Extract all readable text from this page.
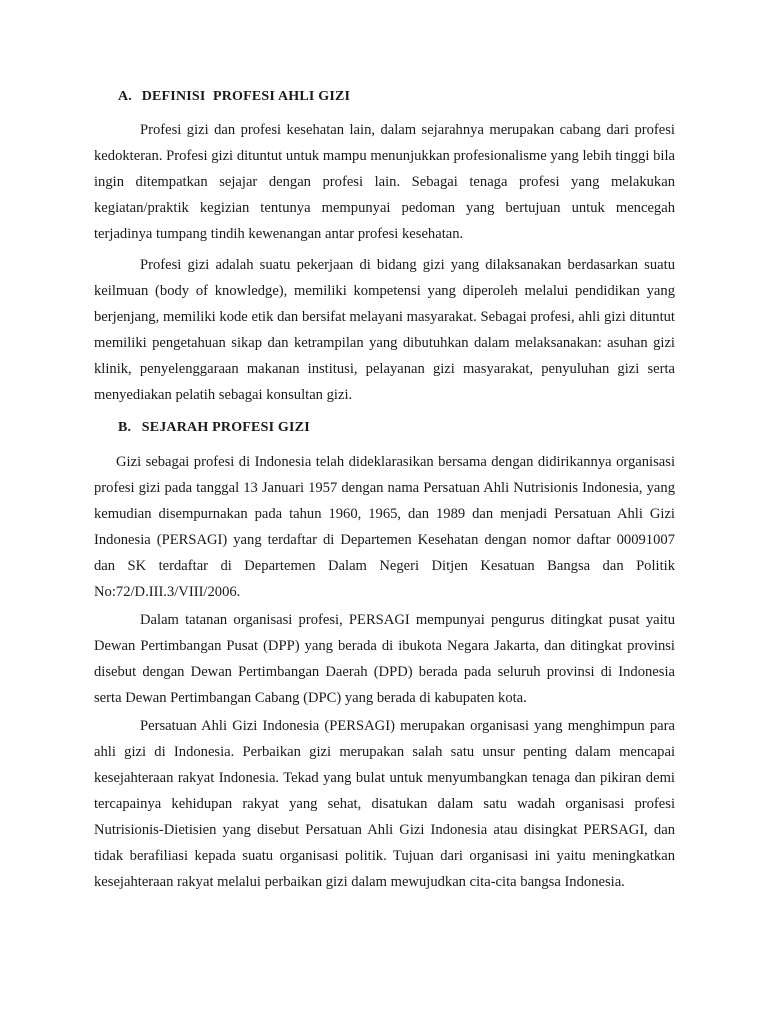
A. DEFINISI  PROFESI AHLI GIZI

Profesi gizi dan profesi kesehatan lain, dalam sejarahnya merupakan cabang dari profesi kedokteran. Profesi gizi dituntut untuk mampu menunjukkan profesionalisme yang lebih tinggi bila ingin ditempatkan sejajar dengan profesi lain. Sebagai tenaga profesi yang melakukan kegiatan/praktik kegizian tentunya mempunyai pedoman yang bertujuan untuk mencegah terjadinya tumpang tindih kewenangan antar profesi kesehatan.

Profesi gizi adalah suatu pekerjaan di bidang gizi yang dilaksanakan berdasarkan suatu keilmuan (body of knowledge), memiliki kompetensi yang diperoleh melalui pendidikan yang berjenjang, memiliki kode etik dan bersifat melayani masyarakat. Sebagai profesi, ahli gizi dituntut memiliki pengetahuan sikap dan ketrampilan yang dibutuhkan dalam melaksanakan: asuhan gizi klinik, penyelenggaraan makanan institusi, pelayanan gizi masyarakat, penyuluhan gizi serta menyediakan pelatih sebagai konsultan gizi.

B. SEJARAH PROFESI GIZI

Gizi sebagai profesi di Indonesia telah dideklarasikan bersama dengan didirikannya organisasi profesi gizi pada tanggal 13 Januari 1957 dengan nama Persatuan Ahli Nutrisionis Indonesia, yang kemudian disempurnakan pada tahun 1960, 1965, dan 1989 dan menjadi Persatuan Ahli Gizi Indonesia (PERSAGI) yang terdaftar di Departemen Kesehatan dengan nomor daftar 00091007 dan SK terdaftar di Departemen Dalam Negeri Ditjen Kesatuan Bangsa dan Politik No:72/D.III.3/VIII/2006.

Dalam tatanan organisasi profesi, PERSAGI mempunyai pengurus ditingkat pusat yaitu Dewan Pertimbangan Pusat (DPP) yang berada di ibukota Negara Jakarta, dan ditingkat provinsi disebut dengan Dewan Pertimbangan Daerah (DPD) berada pada seluruh provinsi di Indonesia serta Dewan Pertimbangan Cabang (DPC) yang berada di kabupaten kota.

Persatuan Ahli Gizi Indonesia (PERSAGI) merupakan organisasi yang menghimpun para ahli gizi di Indonesia. Perbaikan gizi merupakan salah satu unsur penting dalam mencapai kesejahteraan rakyat Indonesia. Tekad yang bulat untuk menyumbangkan tenaga dan pikiran demi tercapainya kehidupan rakyat yang sehat, disatukan dalam satu wadah organisasi profesi Nutrisionis-Dietisien yang disebut Persatuan Ahli Gizi Indonesia atau disingkat PERSAGI, dan tidak berafiliasi kepada suatu organisasi politik. Tujuan dari organisasi ini yaitu meningkatkan kesejahteraan rakyat melalui perbaikan gizi dalam mewujudkan cita-cita bangsa Indonesia.
